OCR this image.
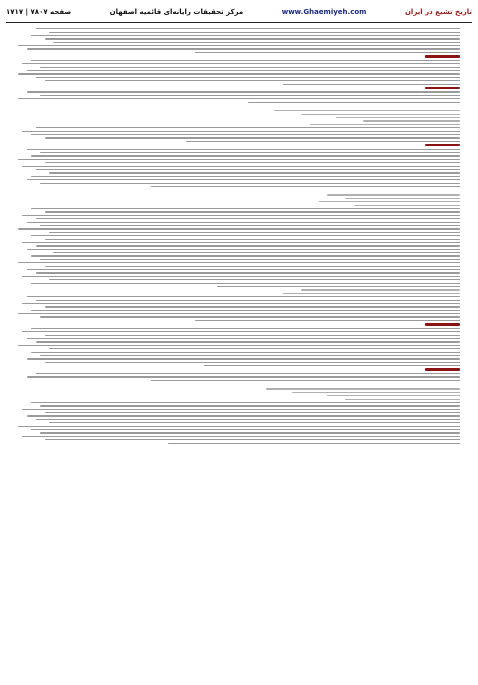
تاریخ تشیع در ایران
www.Ghaemiyeh.com
مرکز تحقیقات رایانه‌ای قائمیه اصفهان
صفحه ۷۸۰۷ | ۱۷۱۷
